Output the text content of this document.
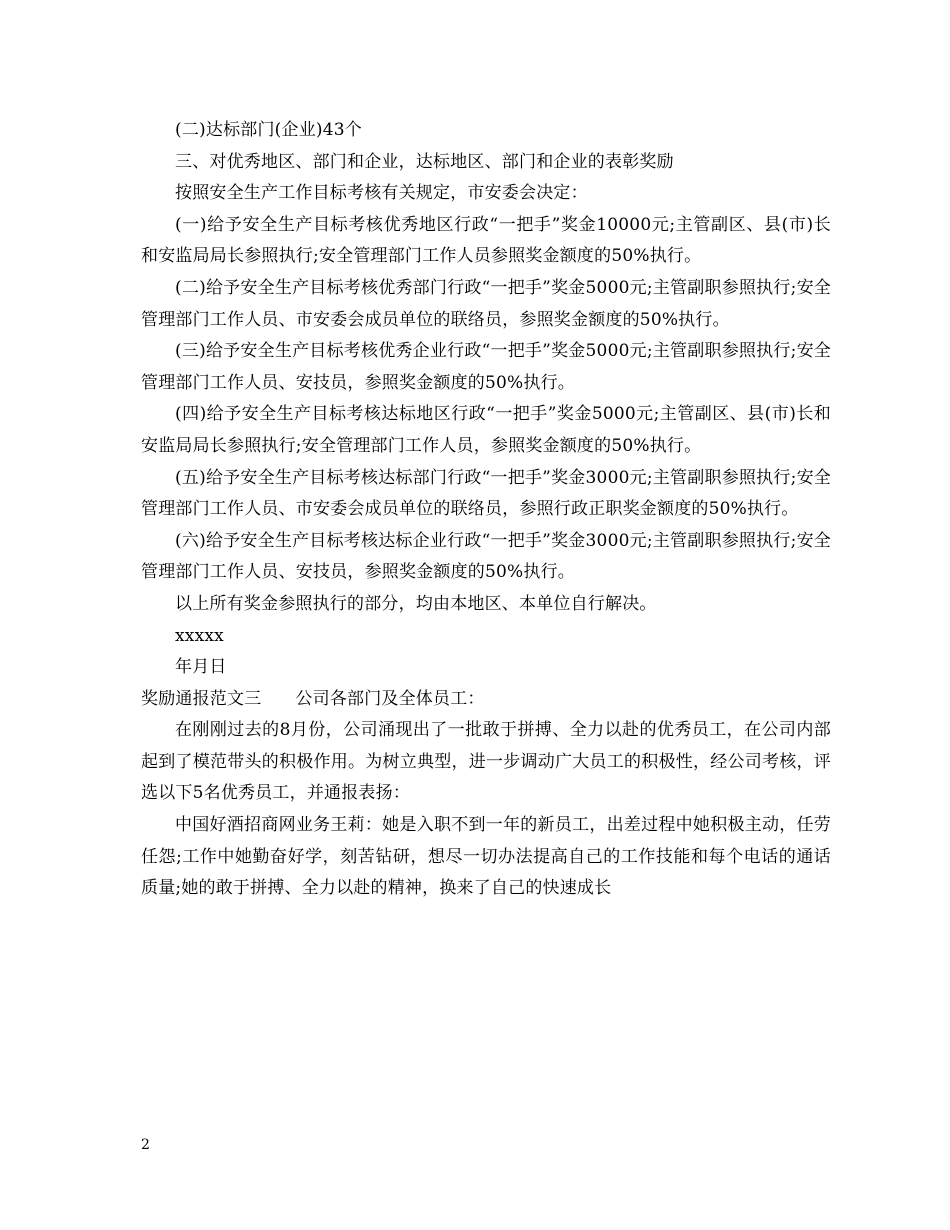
(二)达标部门(企业)43个

三、对优秀地区、部门和企业，达标地区、部门和企业的表彰奖励

按照安全生产工作目标考核有关规定，市安委会决定：

(一)给予安全生产目标考核优秀地区行政“一把手”奖金10000元;主管副区、县(市)长和安监局局长参照执行;安全管理部门工作人员参照奖金额度的50%执行。

(二)给予安全生产目标考核优秀部门行政“一把手”奖金5000元;主管副职参照执行;安全管理部门工作人员、市安委会成员单位的联络员，参照奖金额度的50%执行。

(三)给予安全生产目标考核优秀企业行政“一把手”奖金5000元;主管副职参照执行;安全管理部门工作人员、安技员，参照奖金额度的50%执行。

(四)给予安全生产目标考核达标地区行政“一把手”奖金5000元;主管副区、县(市)长和安监局局长参照执行;安全管理部门工作人员，参照奖金额度的50%执行。

(五)给予安全生产目标考核达标部门行政“一把手”奖金3000元;主管副职参照执行;安全管理部门工作人员、市安委会成员单位的联络员，参照行政正职奖金额度的50%执行。

(六)给予安全生产目标考核达标企业行政“一把手”奖金3000元;主管副职参照执行;安全管理部门工作人员、安技员，参照奖金额度的50%执行。

以上所有奖金参照执行的部分，均由本地区、本单位自行解决。

xxxxx

年月日

奖励通报范文三 公司各部门及全体员工：

在刚刚过去的8月份，公司涌现出了一批敢于拼搏、全力以赴的优秀员工，在公司内部起到了模范带头的积极作用。为树立典型，进一步调动广大员工的积极性，经公司考核，评选以下5名优秀员工，并通报表扬：

中国好酒招商网业务王莉：她是入职不到一年的新员工，出差过程中她积极主动，任劳任怨;工作中她勤奋好学，刻苦钻研，想尽一切办法提高自己的工作技能和每个电话的通话质量;她的敢于拼搏、全力以赴的精神，换来了自己的快速成长

2
